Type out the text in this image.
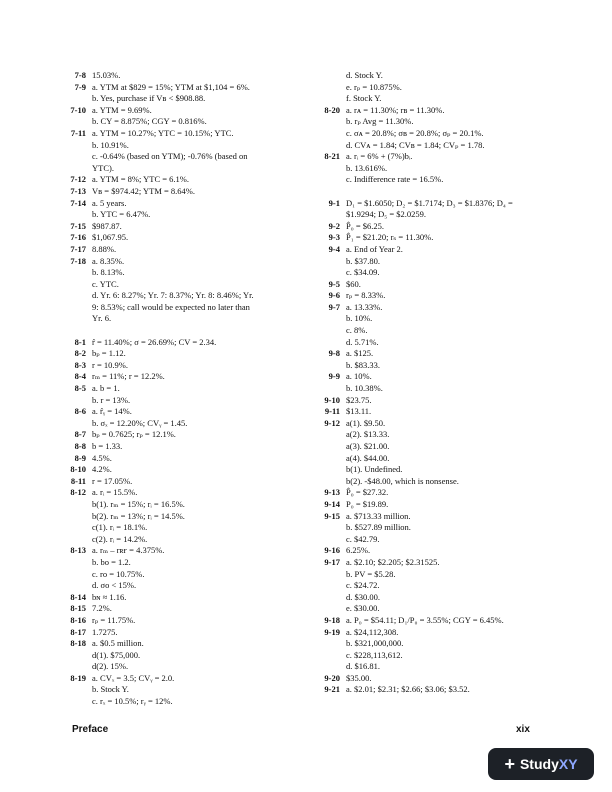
7-8 15.03%.
7-9 a. YTM at $829 = 15%; YTM at $1,104 = 6%.
b. Yes, purchase if Vʙ < $908.88.
7-10 a. YTM = 9.69%.
b. CY = 8.875%; CGY = 0.816%.
7-11 a. YTM = 10.27%; YTC = 10.15%; YTC.
b. 10.91%.
c. -0.64% (based on YTM); -0.76% (based on
YTC).
7-12 a. YTM = 8%; YTC = 6.1%.
7-13 Vʙ = $974.42; YTM = 8.64%.
7-14 a. 5 years.
b. YTC = 6.47%.
7-15 $987.87.
7-16 $1,067.95.
7-17 8.88%.
7-18 a. 8.35%.
b. 8.13%.
c. YTC.
d. Yr. 6: 8.27%; Yr. 7: 8.37%; Yr. 8: 8.46%; Yr.
9: 8.53%; call would be expected no later than
Yr. 6.
8-1 r̂ = 11.40%; σ = 26.69%; CV = 2.34.
8-2 bₚ = 1.12.
8-3 r = 10.9%.
8-4 rₘ = 11%; r = 12.2%.
8-5 a. b = 1.
b. r = 13%.
8-6 a. r̂ᵧ = 14%.
b. σₓ = 12.20%; CVᵧ = 1.45.
8-7 bₚ = 0.7625; rₚ = 12.1%.
8-8 b = 1.33.
8-9 4.5%.
8-10 4.2%.
8-11 r = 17.05%.
8-12 a. rᵢ = 15.5%.
b(1). rₘ = 15%; rᵢ = 16.5%.
b(2). rₘ = 13%; rᵢ = 14.5%.
c(1). rᵢ = 18.1%.
c(2). rᵢ = 14.2%.
8-13 a. rₘ – rʀғ = 4.375%.
b. bᴏ = 1.2.
c. rᴏ = 10.75%.
d. σᴏ < 15%.
8-14 bɴ ≈ 1.16.
8-15 7.2%.
8-16 rₚ = 11.75%.
8-17 1.7275.
8-18 a. $0.5 million.
d(1). $75,000.
d(2). 15%.
8-19 a. CVₓ = 3.5; CVᵧ = 2.0.
b. Stock Y.
c. rₓ = 10.5%; rᵧ = 12%.
d. Stock Y.
e. rₚ = 10.875%.
f. Stock Y.
8-20 a. rᴀ = 11.30%; rʙ = 11.30%.
b. rₚ Avg = 11.30%.
c. σᴀ = 20.8%; σʙ = 20.8%; σₚ = 20.1%.
d. CVᴀ = 1.84; CVʙ = 1.84; CVₚ = 1.78.
8-21 a. rᵢ = 6% + (7%)bᵢ.
b. 13.616%.
c. Indifference rate = 16.5%.
9-1 D₁ = $1.6050; D₂ = $1.7174; D₃ = $1.8376; D₄ =
$1.9294; D₅ = $2.0259.
9-2 P̂₀ = $6.25.
9-3 P̂₁ = $21.20; rₛ = 11.30%.
9-4 a. End of Year 2.
b. $37.80.
c. $34.09.
9-5 $60.
9-6 rₚ = 8.33%.
9-7 a. 13.33%.
b. 10%.
c. 8%.
d. 5.71%.
9-8 a. $125.
b. $83.33.
9-9 a. 10%.
b. 10.38%.
9-10 $23.75.
9-11 $13.11.
9-12 a(1). $9.50.
a(2). $13.33.
a(3). $21.00.
a(4). $44.00.
b(1). Undefined.
b(2). -$48.00, which is nonsense.
9-13 P̂₀ = $27.32.
9-14 P₀ = $19.89.
9-15 a. $713.33 million.
b. $527.89 million.
c. $42.79.
9-16 6.25%.
9-17 a. $2.10; $2.205; $2.31525.
b. PV = $5.28.
c. $24.72.
d. $30.00.
e. $30.00.
9-18 a. P₀ = $54.11; D₁/P₀ = 3.55%; CGY = 6.45%.
9-19 a. $24,112,308.
b. $321,000,000.
c. $228,113,612.
d. $16.81.
9-20 $35.00.
9-21 a. $2.01; $2.31; $2.66; $3.06; $3.52.
Preface	xix
+ Study XY
